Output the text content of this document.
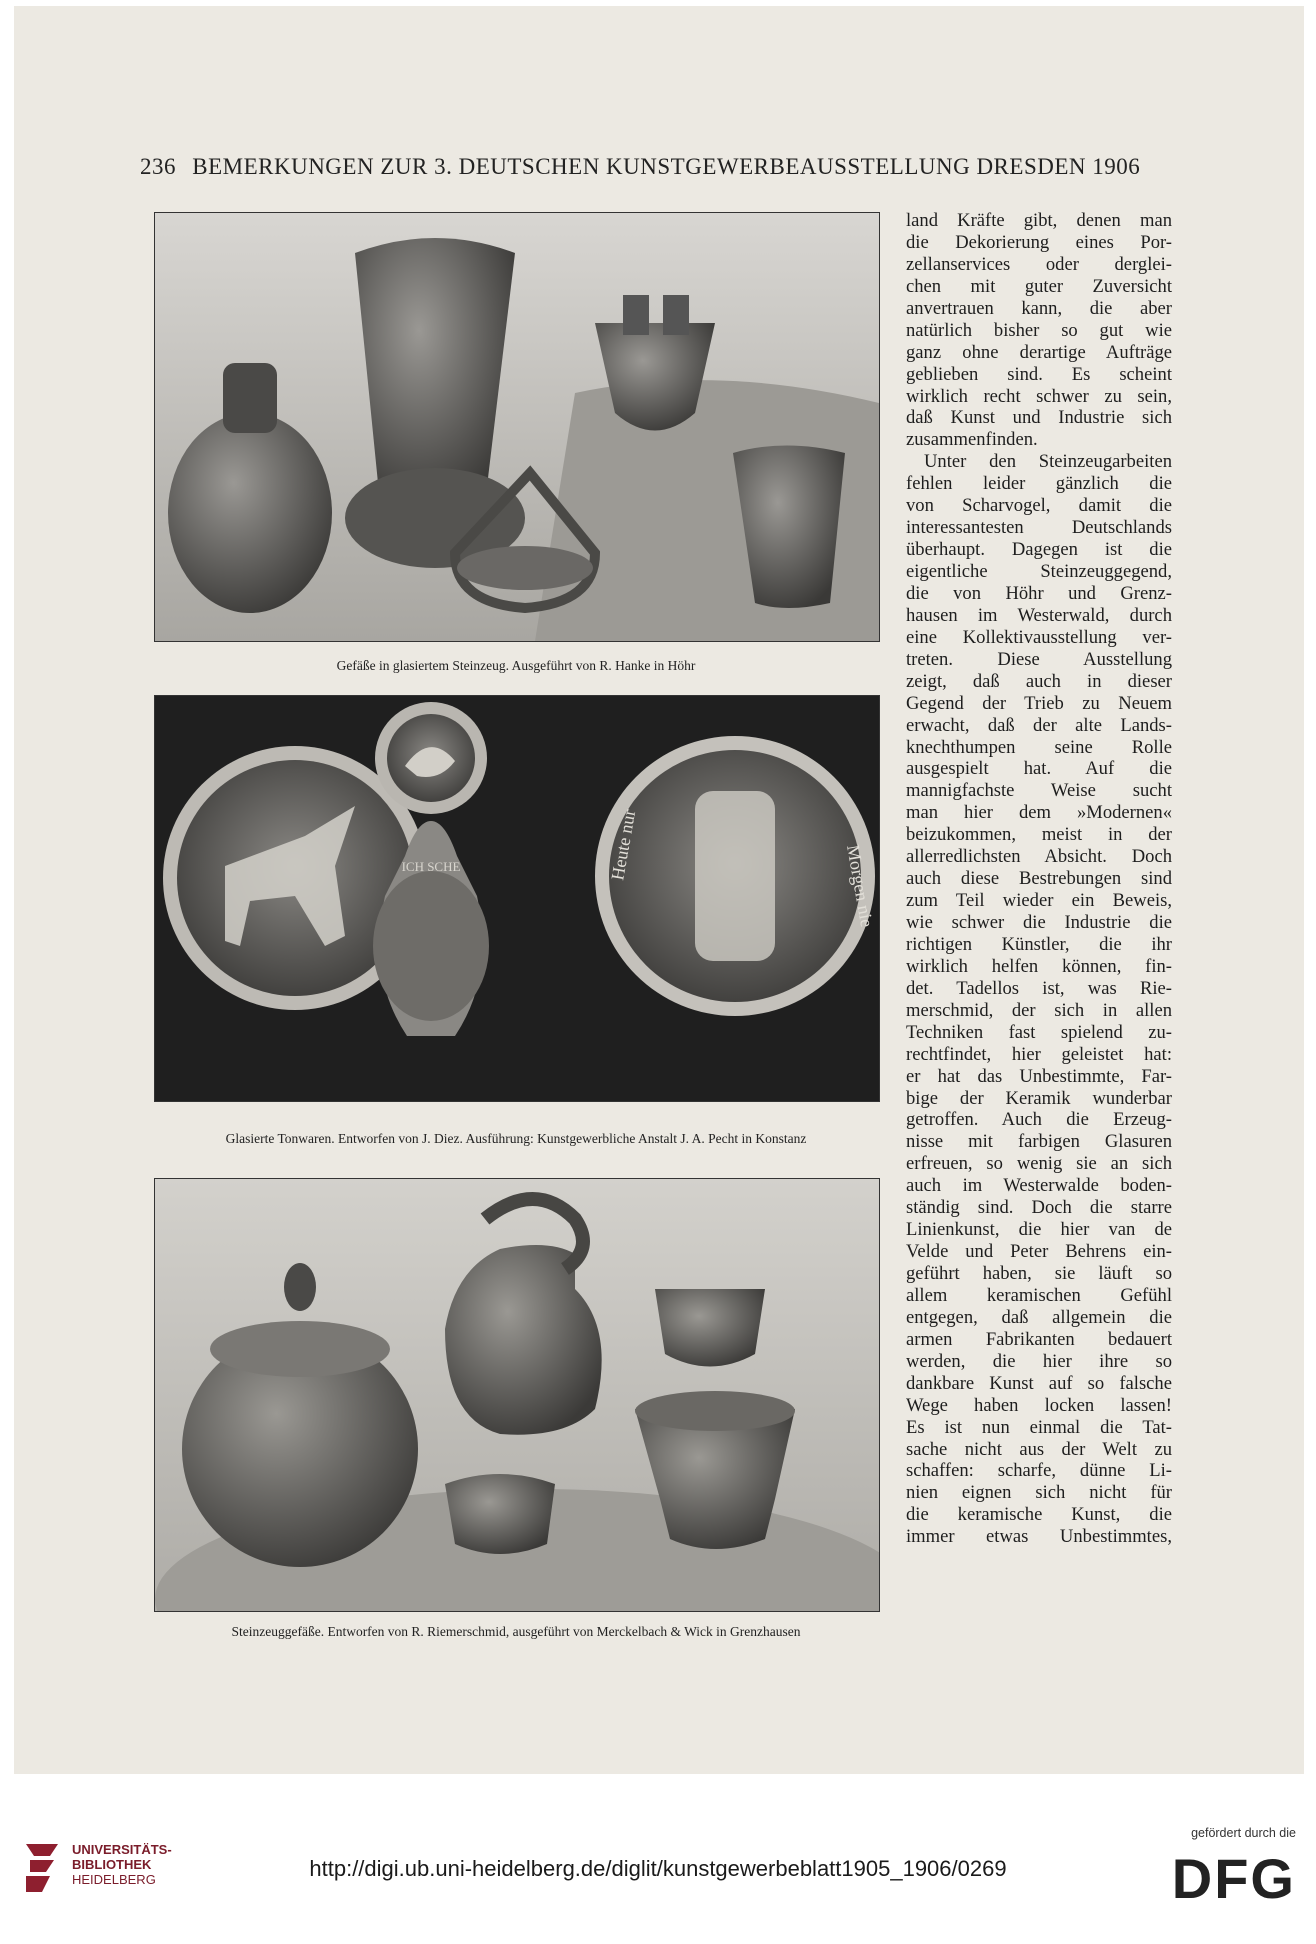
236 BEMERKUNGEN ZUR 3. DEUTSCHEN KUNSTGEWERBEAUSSTELLUNG DRESDEN 1906
Gefäße in glasiertem Steinzeug. Ausgeführt von R. Hanke in Höhr
ICH SCHE	Heute nur	Morgen nie
Glasierte Tonwaren. Entworfen von J. Diez. Ausführung: Kunstgewerbliche Anstalt J. A. Pecht in Konstanz
Steinzeuggefäße. Entworfen von R. Riemerschmid, ausgeführt von Merckelbach & Wick in Grenzhausen
land Kräfte gibt, denen man
die Dekorierung eines Por-
zellanservices oder derglei-
chen mit guter Zuversicht
anvertrauen kann, die aber
natürlich bisher so gut wie
ganz ohne derartige Aufträge
geblieben sind. Es scheint
wirklich recht schwer zu sein,
daß Kunst und Industrie sich
zusammenfinden.
Unter den Steinzeugarbeiten
fehlen leider gänzlich die
von Scharvogel, damit die
interessantesten Deutschlands
überhaupt. Dagegen ist die
eigentliche Steinzeuggegend,
die von Höhr und Grenz-
hausen im Westerwald, durch
eine Kollektivausstellung ver-
treten. Diese Ausstellung
zeigt, daß auch in dieser
Gegend der Trieb zu Neuem
erwacht, daß der alte Lands-
knechthumpen seine Rolle
ausgespielt hat. Auf die
mannigfachste Weise sucht
man hier dem »Modernen«
beizukommen, meist in der
allerredlichsten Absicht. Doch
auch diese Bestrebungen sind
zum Teil wieder ein Beweis,
wie schwer die Industrie die
richtigen Künstler, die ihr
wirklich helfen können, fin-
det. Tadellos ist, was Rie-
merschmid, der sich in allen
Techniken fast spielend zu-
rechtfindet, hier geleistet hat:
er hat das Unbestimmte, Far-
bige der Keramik wunderbar
getroffen. Auch die Erzeug-
nisse mit farbigen Glasuren
erfreuen, so wenig sie an sich
auch im Westerwalde boden-
ständig sind. Doch die starre
Linienkunst, die hier van de
Velde und Peter Behrens ein-
geführt haben, sie läuft so
allem keramischen Gefühl
entgegen, daß allgemein die
armen Fabrikanten bedauert
werden, die hier ihre so
dankbare Kunst auf so falsche
Wege haben locken lassen!
Es ist nun einmal die Tat-
sache nicht aus der Welt zu
schaffen: scharfe, dünne Li-
nien eignen sich nicht für
die keramische Kunst, die
immer etwas Unbestimmtes,
UNIVERSITÄTS-
BIBLIOTHEK
HEIDELBERG	http://digi.ub.uni-heidelberg.de/diglit/kunstgewerbeblatt1905_1906/0269
gefördert durch die
DFG
